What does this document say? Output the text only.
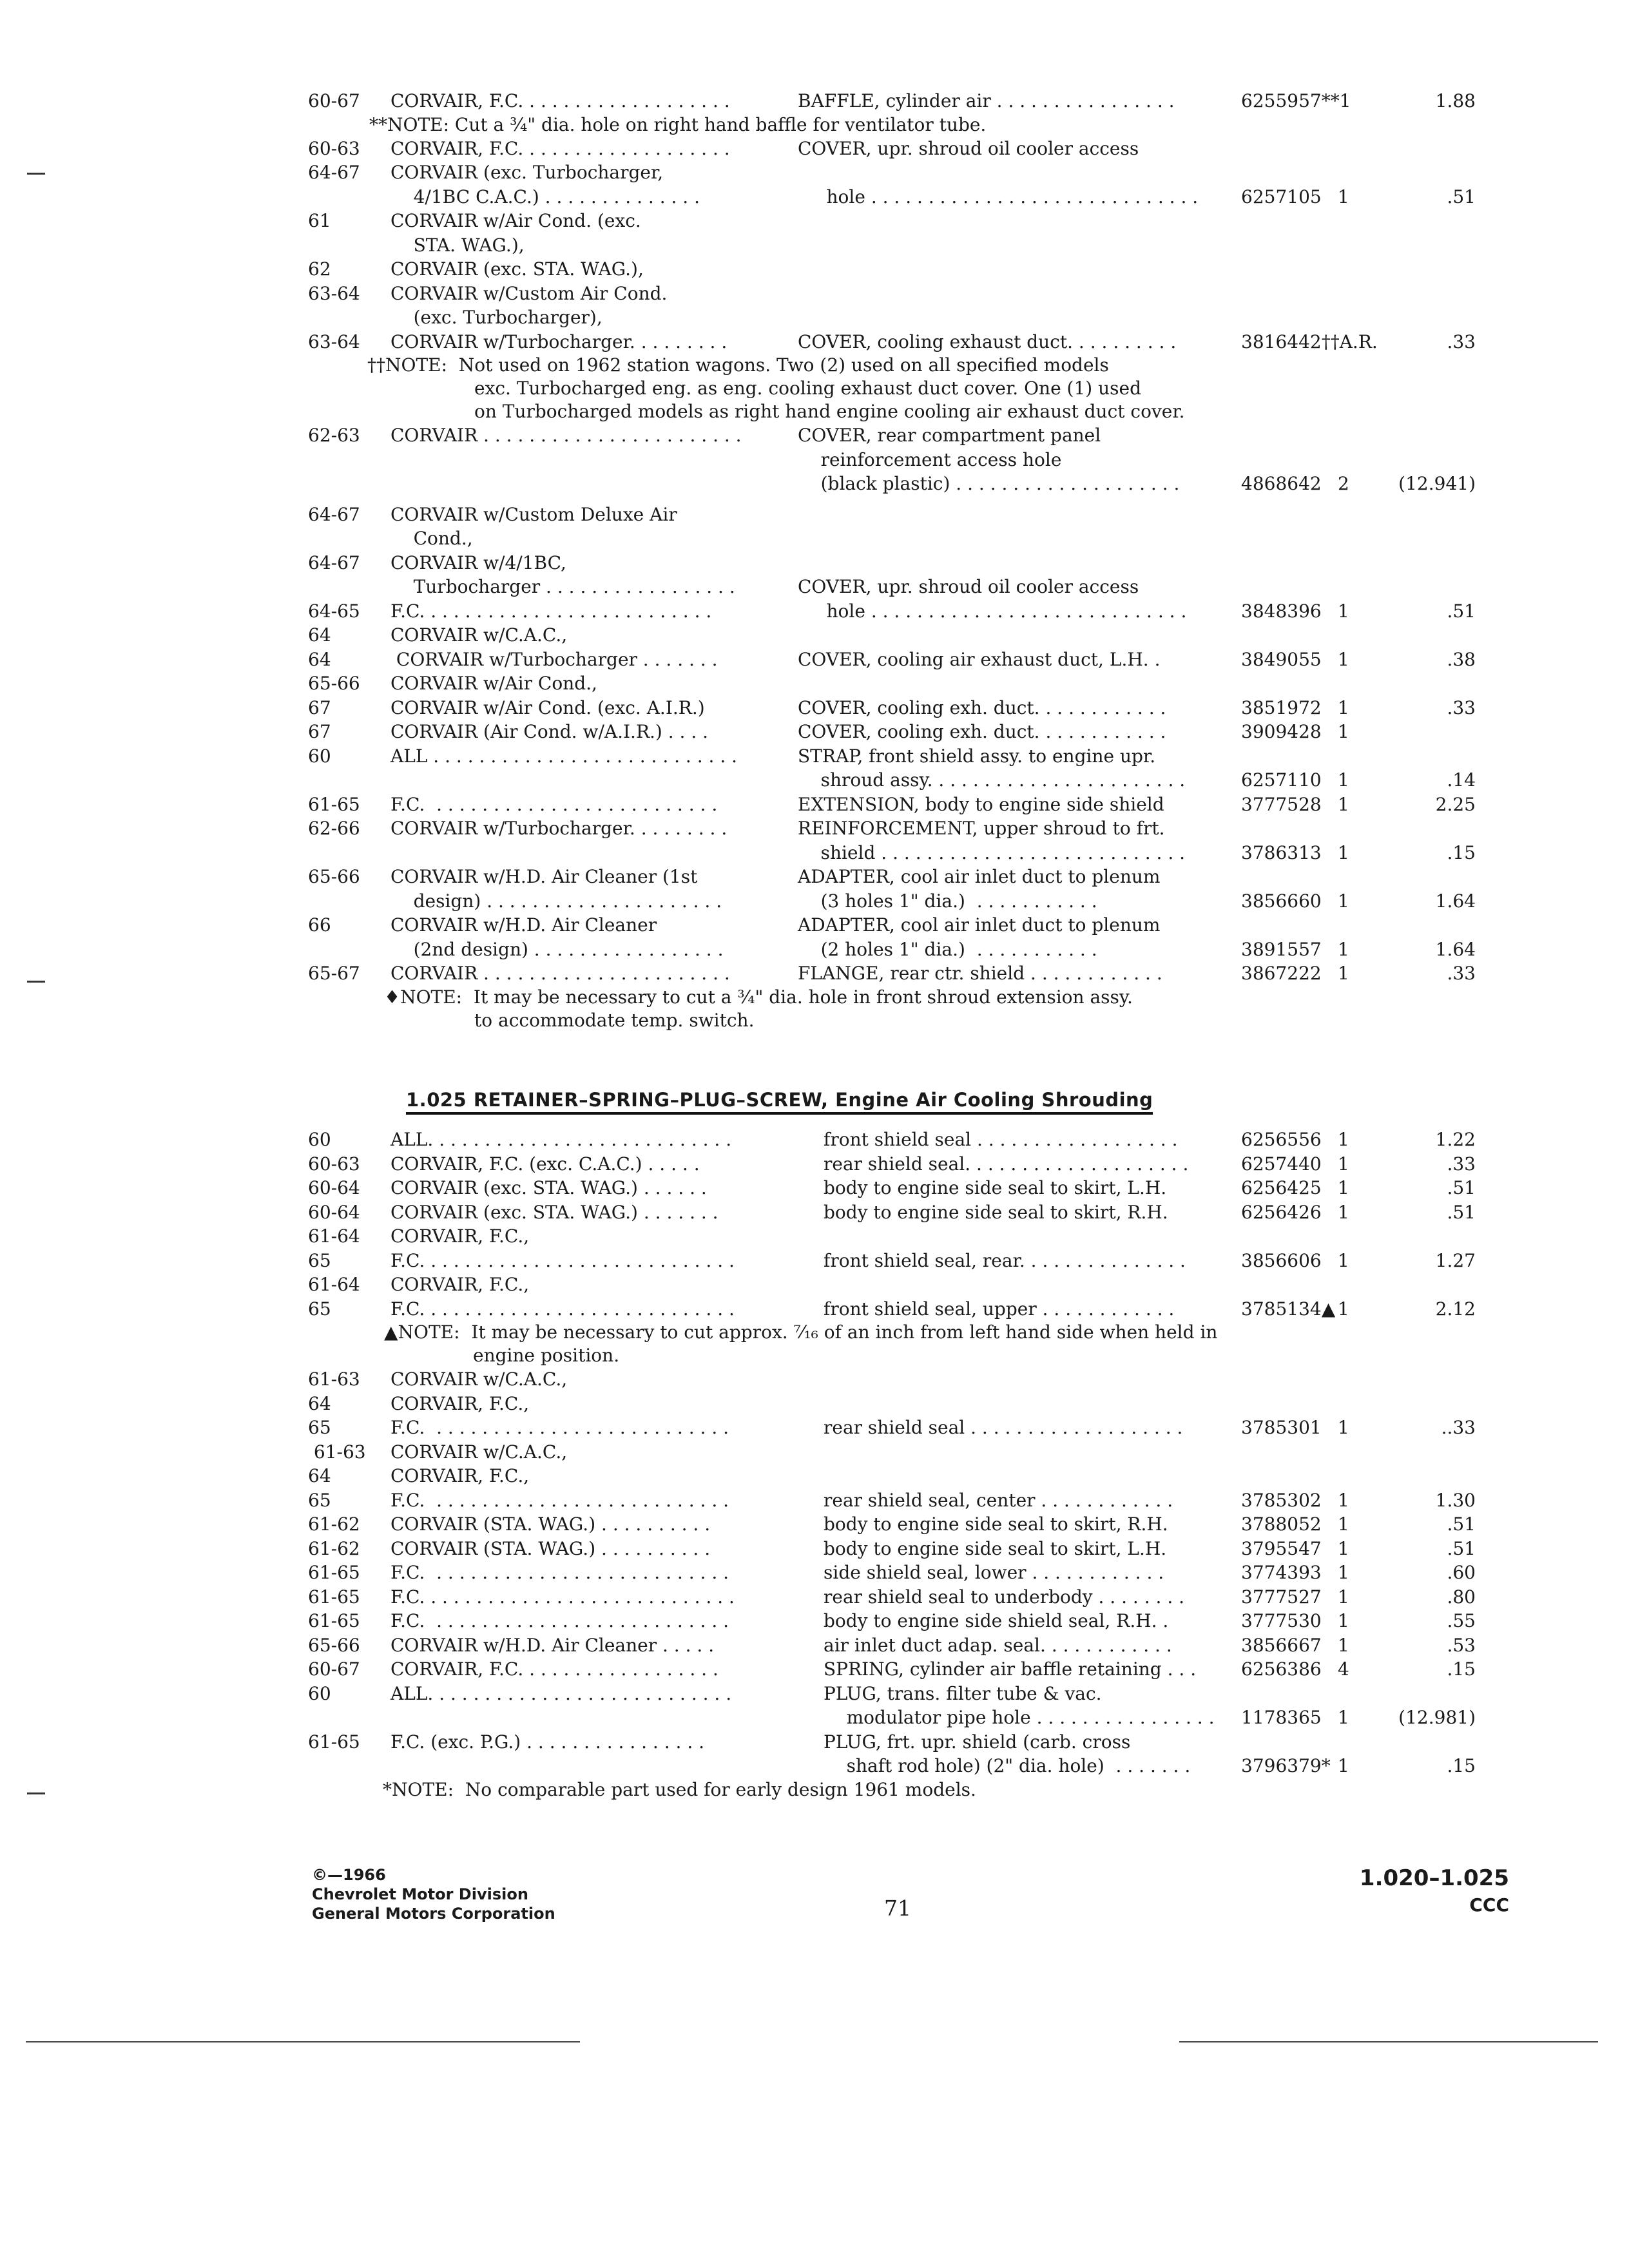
60-67 CORVAIR, F.C. . . . . . . . . . . . . . . . . . .	BAFFLE, cylinder air . . . . . . . . . . . . . . . .	6255957**1	1.88
**NOTE: Cut a ¾" dia. hole on right hand baffle for ventilator tube.
60-63 CORVAIR, F.C. . . . . . . . . . . . . . . . . . .	COVER, upr. shroud oil cooler access
64-67 CORVAIR (exc. Turbocharger,
4/1BC C.A.C.) . . . . . . . . . . . . . .	hole . . . . . . . . . . . . . . . . . . . . . . . . . . . . . 6257105 1	.51
61	CORVAIR w/Air Cond. (exc.
STA. WAG.),
62	CORVAIR (exc. STA. WAG.),
63-64 CORVAIR w/Custom Air Cond.
(exc. Turbocharger),
63-64 CORVAIR w/Turbocharger. . . . . . . . .	COVER, cooling exhaust duct. . . . . . . . . .	3816442††A.R.	.33
††NOTE:  Not used on 1962 station wagons. Two (2) used on all specified models
exc. Turbocharged eng. as eng. cooling exhaust duct cover. One (1) used
on Turbocharged models as right hand engine cooling air exhaust duct cover.
62-63 CORVAIR . . . . . . . . . . . . . . . . . . . . . . .	COVER, rear compartment panel
reinforcement access hole
(black plastic) . . . . . . . . . . . . . . . . . . . .	4868642 2	(12.941)
64-67 CORVAIR w/Custom Deluxe Air
Cond.,
64-67 CORVAIR w/4/1BC,
Turbocharger . . . . . . . . . . . . . . . . .	COVER, upr. shroud oil cooler access
64-65 F.C. . . . . . . . . . . . . . . . . . . . . . . . . .	hole . . . . . . . . . . . . . . . . . . . . . . . . . . . .	3848396 1	.51
64	CORVAIR w/C.A.C.,
64	CORVAIR w/Turbocharger . . . . . . .	COVER, cooling air exhaust duct, L.H. .	3849055 1	.38
65-66 CORVAIR w/Air Cond.,
67	CORVAIR w/Air Cond. (exc. A.I.R.)	COVER, cooling exh. duct. . . . . . . . . . . .	3851972 1	.33
67	CORVAIR (Air Cond. w/A.I.R.) . . . .	COVER, cooling exh. duct. . . . . . . . . . . .	3909428 1
60	ALL . . . . . . . . . . . . . . . . . . . . . . . . . . .	STRAP, front shield assy. to engine upr.
shroud assy. . . . . . . . . . . . . . . . . . . . . . .	6257110 1	.14
61-65 F.C.  . . . . . . . . . . . . . . . . . . . . . . . . .	EXTENSION, body to engine side shield	3777528 1	2.25
62-66 CORVAIR w/Turbocharger. . . . . . . . .	REINFORCEMENT, upper shroud to frt.
shield . . . . . . . . . . . . . . . . . . . . . . . . . . .	3786313 1	.15
65-66 CORVAIR w/H.D. Air Cleaner (1st	ADAPTER, cool air inlet duct to plenum
design) . . . . . . . . . . . . . . . . . . . . .	(3 holes 1" dia.)  . . . . . . . . . . .	3856660 1	1.64
66	CORVAIR w/H.D. Air Cleaner	ADAPTER, cool air inlet duct to plenum
(2nd design) . . . . . . . . . . . . . . . . .	(2 holes 1" dia.)  . . . . . . . . . . .	3891557 1	1.64
65-67 CORVAIR . . . . . . . . . . . . . . . . . . . . . .	FLANGE, rear ctr. shield . . . . . . . . . . . .	3867222 1	.33
♦NOTE:  It may be necessary to cut a ¾" dia. hole in front shroud extension assy.
to accommodate temp. switch.
1.025 RETAINER–SPRING–PLUG–SCREW, Engine Air Cooling Shrouding
60	ALL. . . . . . . . . . . . . . . . . . . . . . . . . . .	front shield seal . . . . . . . . . . . . . . . . . .	6256556 1	1.22
60-63 CORVAIR, F.C. (exc. C.A.C.) . . . . .	rear shield seal. . . . . . . . . . . . . . . . . . . .	6257440 1	.33
60-64 CORVAIR (exc. STA. WAG.) . . . . . .	body to engine side seal to skirt, L.H.	6256425 1	.51
60-64 CORVAIR (exc. STA. WAG.) . . . . . . .	body to engine side seal to skirt, R.H.	6256426 1	.51
61-64 CORVAIR, F.C.,
65	F.C. . . . . . . . . . . . . . . . . . . . . . . . . . . .	front shield seal, rear. . . . . . . . . . . . . . .	3856606 1	1.27
61-64 CORVAIR, F.C.,
65	F.C. . . . . . . . . . . . . . . . . . . . . . . . . . . .	front shield seal, upper . . . . . . . . . . . .	3785134▲ 1	2.12
▲NOTE:  It may be necessary to cut approx. ⁷⁄₁₆ of an inch from left hand side when held in
engine position.
61-63 CORVAIR w/C.A.C.,
64	CORVAIR, F.C.,
65	F.C.  . . . . . . . . . . . . . . . . . . . . . . . . . .	rear shield seal . . . . . . . . . . . . . . . . . . .	3785301 1	..33
61-63 CORVAIR w/C.A.C.,
64	CORVAIR, F.C.,
65	F.C.  . . . . . . . . . . . . . . . . . . . . . . . . . .	rear shield seal, center . . . . . . . . . . . .	3785302 1	1.30
61-62 CORVAIR (STA. WAG.) . . . . . . . . . .	body to engine side seal to skirt, R.H.	3788052 1	.51
61-62 CORVAIR (STA. WAG.) . . . . . . . . . .	body to engine side seal to skirt, L.H.	3795547 1	.51
61-65 F.C.  . . . . . . . . . . . . . . . . . . . . . . . . . .	side shield seal, lower . . . . . . . . . . . .	3774393 1	.60
61-65 F.C. . . . . . . . . . . . . . . . . . . . . . . . . . . .	rear shield seal to underbody . . . . . . . .	3777527 1	.80
61-65 F.C.  . . . . . . . . . . . . . . . . . . . . . . . . . .	body to engine side shield seal, R.H. .	3777530 1	.55
65-66 CORVAIR w/H.D. Air Cleaner . . . . .	air inlet duct adap. seal. . . . . . . . . . . .	3856667 1	.53
60-67 CORVAIR, F.C. . . . . . . . . . . . . . . . . .	SPRING, cylinder air baffle retaining . . . 6256386 4	.15
60	ALL. . . . . . . . . . . . . . . . . . . . . . . . . . .	PLUG, trans. filter tube & vac.
modulator pipe hole . . . . . . . . . . . . . . . . 1178365 1	(12.981)
61-65 F.C. (exc. P.G.) . . . . . . . . . . . . . . . .	PLUG, frt. upr. shield (carb. cross
shaft rod hole) (2" dia. hole)  . . . . . . .	3796379* 1	.15
*NOTE:  No comparable part used for early design 1961 models.
©—1966
Chevrolet Motor Division
General Motors Corporation	71
1.020–1.025
CCC
